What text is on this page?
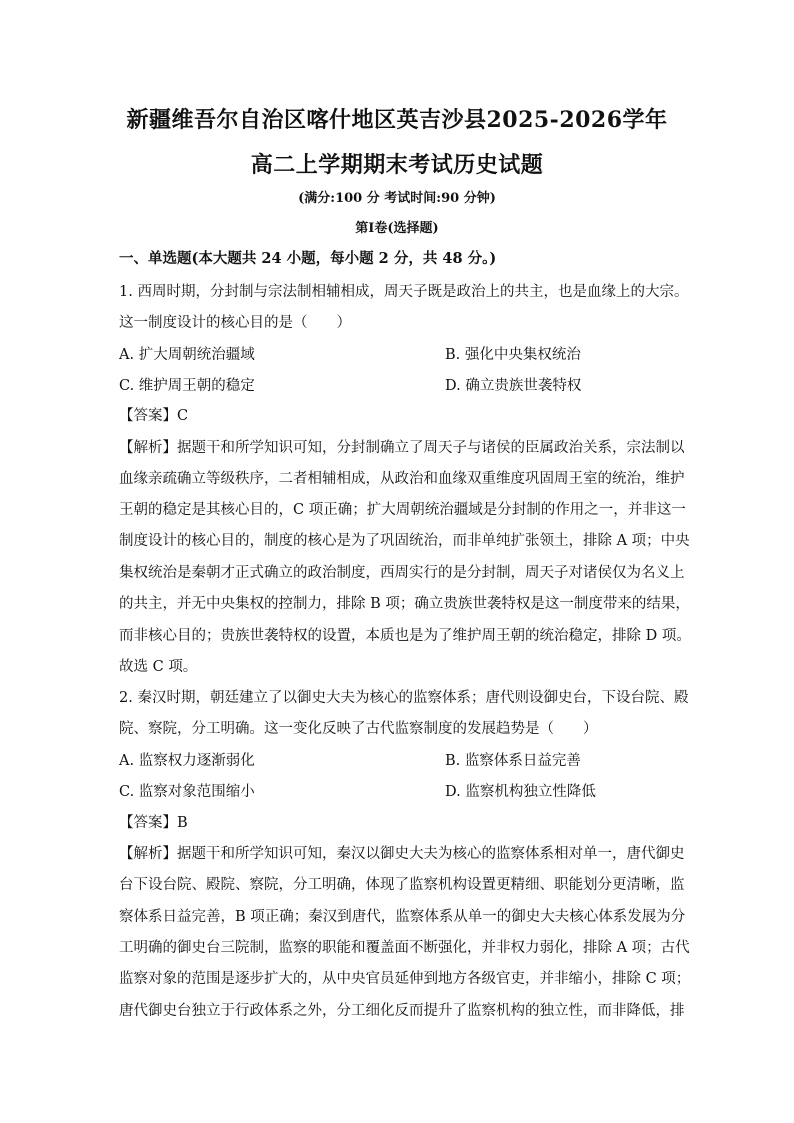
新疆维吾尔自治区喀什地区英吉沙县2025-2026学年
高二上学期期末考试历史试题
(满分:100 分 考试时间:90 分钟)
第Ⅰ卷(选择题)
一、单选题(本大题共 24 小题，每小题 2 分，共 48 分。)
1. 西周时期，分封制与宗法制相辅相成，周天子既是政治上的共主，也是血缘上的大宗。
这一制度设计的核心目的是（　　）
A. 扩大周朝统治疆域	B. 强化中央集权统治
C. 维护周王朝的稳定	D. 确立贵族世袭特权
【答案】C
【解析】据题干和所学知识可知，分封制确立了周天子与诸侯的臣属政治关系，宗法制以
血缘亲疏确立等级秩序，二者相辅相成，从政治和血缘双重维度巩固周王室的统治，维护
王朝的稳定是其核心目的，C 项正确；扩大周朝统治疆域是分封制的作用之一，并非这一
制度设计的核心目的，制度的核心是为了巩固统治，而非单纯扩张领土，排除 A 项；中央
集权统治是秦朝才正式确立的政治制度，西周实行的是分封制，周天子对诸侯仅为名义上
的共主，并无中央集权的控制力，排除 B 项；确立贵族世袭特权是这一制度带来的结果，
而非核心目的；贵族世袭特权的设置，本质也是为了维护周王朝的统治稳定，排除 D 项。
故选 C 项。
2. 秦汉时期，朝廷建立了以御史大夫为核心的监察体系；唐代则设御史台，下设台院、殿
院、察院，分工明确。这一变化反映了古代监察制度的发展趋势是（　　）
A. 监察权力逐渐弱化	B. 监察体系日益完善
C. 监察对象范围缩小	D. 监察机构独立性降低
【答案】B
【解析】据题干和所学知识可知，秦汉以御史大夫为核心的监察体系相对单一，唐代御史
台下设台院、殿院、察院，分工明确，体现了监察机构设置更精细、职能划分更清晰，监
察体系日益完善，B 项正确；秦汉到唐代，监察体系从单一的御史大夫核心体系发展为分
工明确的御史台三院制，监察的职能和覆盖面不断强化，并非权力弱化，排除 A 项；古代
监察对象的范围是逐步扩大的，从中央官员延伸到地方各级官吏，并非缩小，排除 C 项；
唐代御史台独立于行政体系之外，分工细化反而提升了监察机构的独立性，而非降低，排
